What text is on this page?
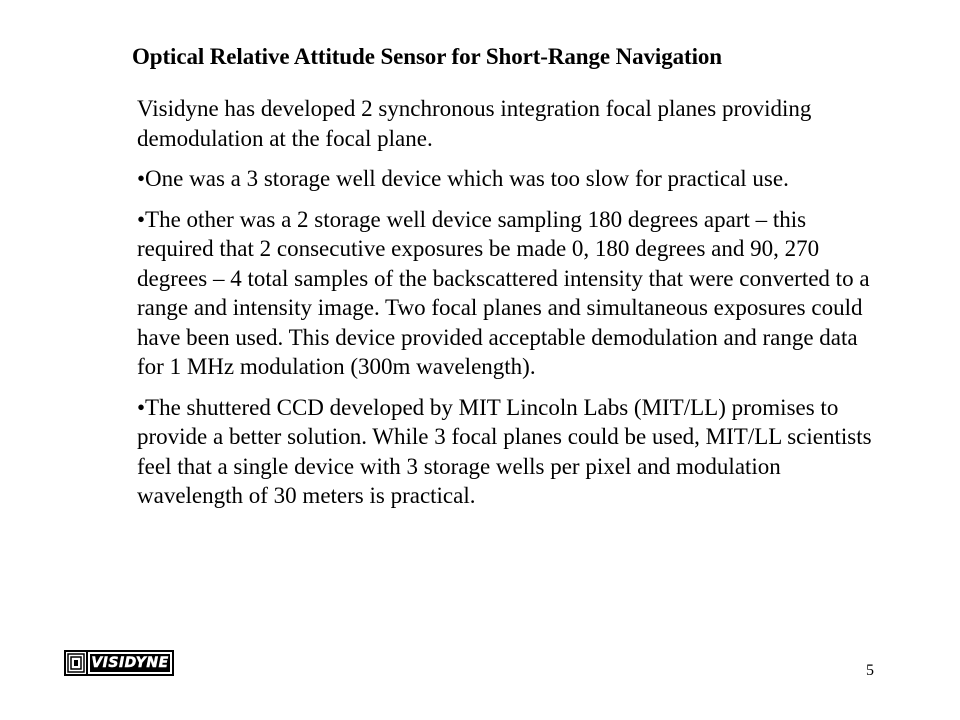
Optical Relative Attitude Sensor for Short-Range Navigation

Visidyne has developed 2 synchronous integration focal planes providing demodulation at the focal plane.

•One was a 3 storage well device which was too slow for practical use.

•The other was a 2 storage well device sampling 180 degrees apart – this required that 2 consecutive exposures be made 0, 180 degrees and 90, 270 degrees – 4 total samples of the backscattered intensity that were converted to a range and intensity image. Two focal planes and simultaneous exposures could have been used. This device provided acceptable demodulation and range data for 1 MHz modulation (300m wavelength).

•The shuttered CCD developed by MIT Lincoln Labs (MIT/LL) promises to provide a better solution. While 3 focal planes could be used, MIT/LL scientists feel that a single device with 3 storage wells per pixel and modulation wavelength of 30 meters is practical.

VISIDYNE	5
